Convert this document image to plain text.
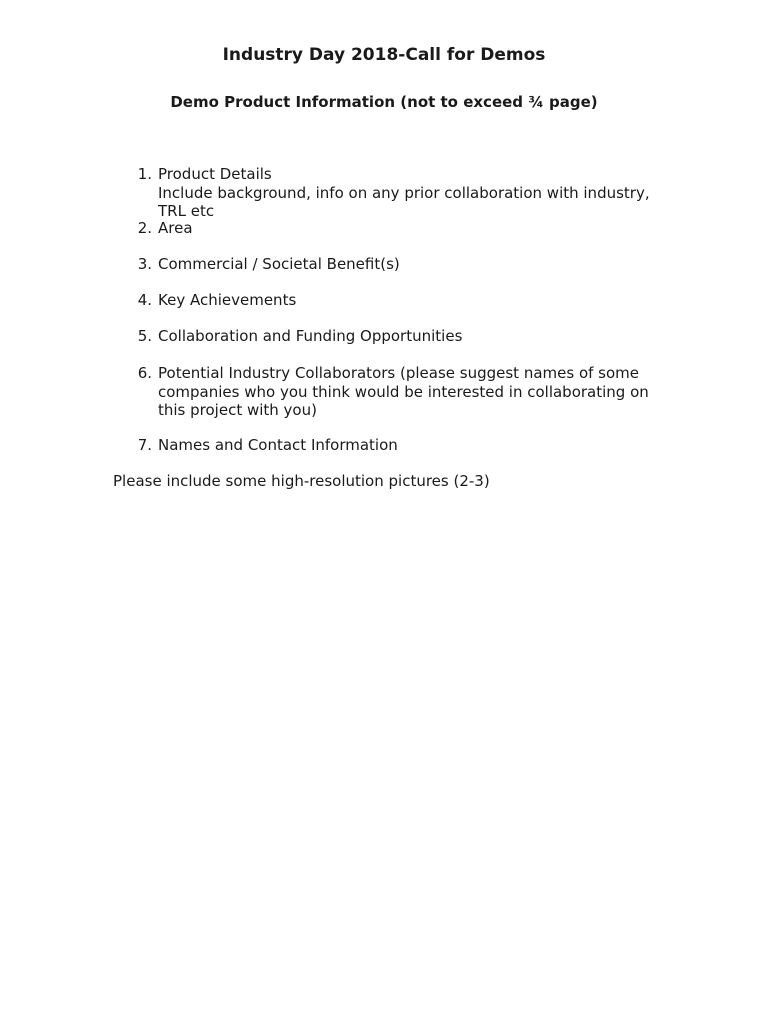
Industry Day 2018-Call for Demos
Demo Product Information (not to exceed ¾ page)
1. Product Details
Include background, info on any prior collaboration with industry,
TRL etc
2. Area
3. Commercial / Societal Benefit(s)
4. Key Achievements
5. Collaboration and Funding Opportunities
6. Potential Industry Collaborators (please suggest names of some
companies who you think would be interested in collaborating on
this project with you)
7. Names and Contact Information

Please include some high-resolution pictures (2-3)
